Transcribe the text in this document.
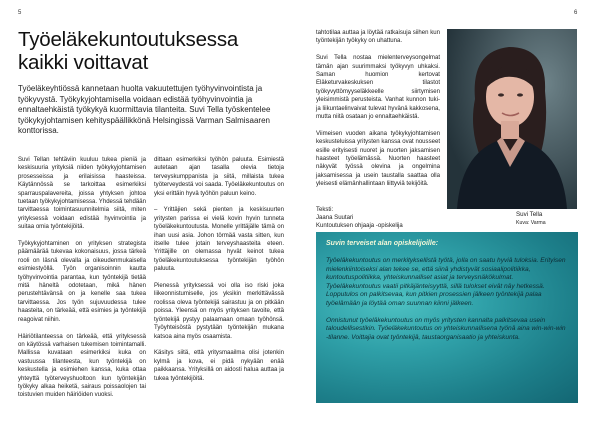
5	6
Työeläkekuntoutuksessa
kaikki voittavat
Työeläkeyhtiössä kannetaan huolta vakuutettujen työhyvinvointista ja työkyvystä. Työkykyjohtamisella voidaan edistää työhyvinvointia ja ennaltaehkäistä työkykyä kuormittavia tilanteita. Suvi Tella työskentelee työkykyjohtamisen kehityspäällikkönä Helsingissä Varman Salmisaaren konttorissa.

Suvi Tellan tehtäviin kuuluu tukea pieniä ja keskisuuria yrityksiä niiden työkykyjohtamisen prosesseissa ja erilaisissa haasteissa. Käytännössä se tarkoittaa esimerkiksi sparrauspalavereita, joissa yhtyksen johtoa tuetaan työkykyjohtamisessa. Yhdessä tehdään tarvittaessa toimintasuunnitelmia siitä, miten yrityksessä voidaan edistää hyvinvointia ja suitaa omia työntekijöitä.

Työkykyjohtaminen on yrityksen strategista päämäärää tukevaa kokonaisuus, jossa tärkeä rooli on läsnä olevalla ja oikeudenmukaisella esimiestyöllä. Työn organisoinnin kautta työhyvinvointia parantaa, kun työntekijä tietää mitä häneltä odotetaan, mikä hänen perustehtävänsä on ja kenelle saa tukea tarvittaessa. Jos työn sujuvuudessa tulee haasteita, on tärkeää, että esimies ja työntekijä reagoivat niihin.

Häiriötilanteessa on tärkeää, että yrityksessä on käytössä varhaisen tukemisen toimintamalli. Mallissa kuvataan esimerkiksi kuka on vastuussa tilanteesta, kun työntekijä on keskustella ja esimiehen kanssa, kuka ottaa yhteyttä työterveyshuoltoon kun työntekijän työkyky alkaa heiketä, sairaus poissaolojen tai toistuvien muiden häiriöiden vuoksi.

dittaan esimerkiksi työhön paluuta. Esimiestä autetaan ajan tasalla olevia tietoja terveyskumppanista ja siitä, millaista tukea työterveydestä voi saada. Työeläkekuntoutus on yksi erittäin hyvä työhön paluun keino.

– Yrittäjien sekä pienten ja keskisuurten yritysten parissa ei vielä kovin hyvin tunneta työeläkekuntoutusta. Monelle yrittäjälle tämä on ihan uusi asia. Johon törmää vasta sitten, kun itselle tulee jotain terveyshaasteita eteen. Yrittäjille on olemassa hyvät keinot tukea työeläkekuntoutuksessa työntekijän työhön paluuta.

Pienessä yrityksessä voi olla iso riski joka liikeonnistumiselle, jos yksikin merkittävässä roolissa oleva työntekijä sairastuu ja on pitkään poissa. Yleensä on myös yrityksen tavoite, että työntekijä pystyy palaamaan omaan työhönsä. Työyhteisöstä pystytään työntekijän mukana katsoa aina myös osaamista.

Käsitys siitä, että yritysmaailma olisi jotenkin kylmä ja kova, ei pidä nykyään enää paikkaansa. Yrityksillä on aidosti halua auttaa ja tukea työntekijöitä.

tahtotilaa auttaa ja löytää ratkaisuja siihen kun työntekijän työkyky on uhattuna.

Suvi Tella nostaa mielenterveysongelmat tämän ajan suurimmaksi työkyvyn uhkaksi. Saman huomion kertovat Eläketurvakeskuksen tilastot työkyvyttömyyseläkkeelle siirtymisen yleisimmistä perusteista. Vanhat kunnon tuki- ja liikuntaelinvaivat tulevat hyvänä kakkosena, mutta niitä osataan jo ennaltaehkäistä.

Viimeisen vuoden aikana työkykyjohtamisen keskusteluissa yritysten kanssa ovat nousseet esille erityisesti nuoret ja nuorten jaksamisen haasteet työelämässä. Nuorten haasteet näkyvät työssä olevina ja ongelmina jaksamisessa ja usein taustalla saattaa olla yleisesti elämänhallintaan liittyviä tekijöitä.

Teksti:
Jaana Suutari
Kuntoutuksen ohjaaja -opiskelija
Suvi Tella
Kuva: Varma

Suvin terveiset alan opiskelijoille:

Työeläkekuntoutus on merkityksellistä työtä, jolla on saatu hyviä tuloksia. Erityisen mielenkiintoiseksi alan tekee se, että siinä yhdistyvät sosiaalipolitiikka, kuntoutuspolitiikka, yhteiskunnalliset asiat ja terveysnäkökulmat. Työeläkekuntoutus vaatii pitkäjänteisyyttä, sillä tulokset eivät näy hetkessä. Lopputulos on palkitsevaa, kun pitkien prosessien jälkeen työntekijä palaa työelämään ja löytää oman suunnan kiinni jälkeen.

Onnistunut työeläkekuntoutus on myös yritysten kannalta palkitsevaa usein taloudellisestikin. Työeläkekuntoutus on yhteiskunnallisena työnä aina win-win-win -tilanne. Voittajia ovat työntekijä, taustaorganisaatio ja yhteiskunta.
